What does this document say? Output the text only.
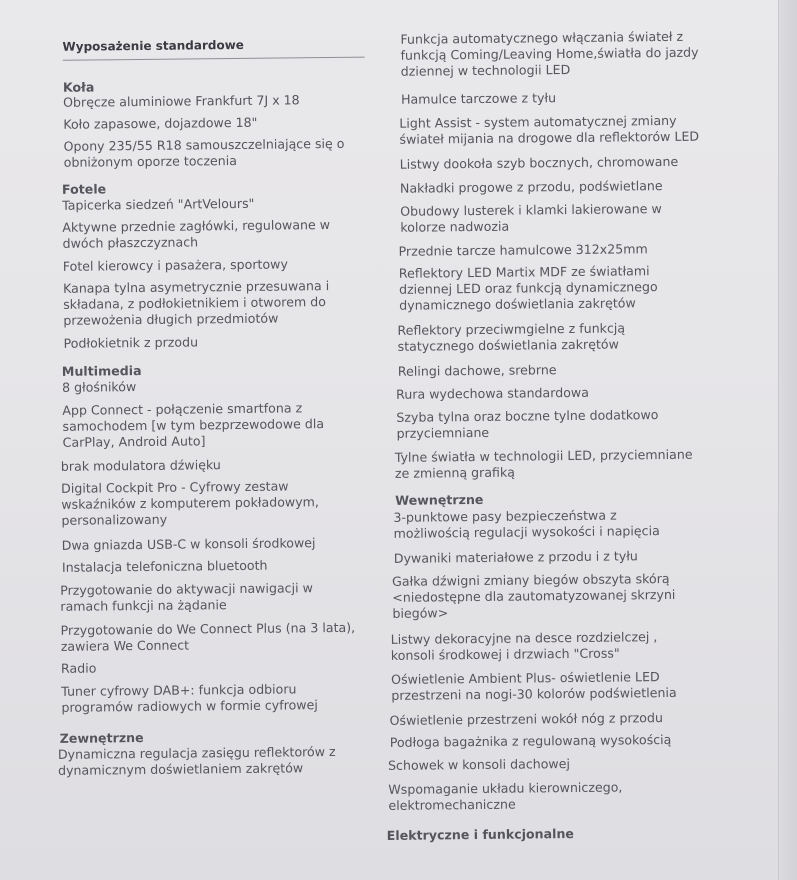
Wyposażenie standardowe
Koła
Obręcze aluminiowe Frankfurt 7J x 18
Koło zapasowe, dojazdowe 18"
Opony 235/55 R18 samouszczelniające się o
obniżonym oporze toczenia
Fotele
Tapicerka siedzeń "ArtVelours"
Aktywne przednie zagłówki, regulowane w
dwóch płaszczyznach
Fotel kierowcy i pasażera, sportowy
Kanapa tylna asymetrycznie przesuwana i
składana, z podłokietnikiem i otworem do
przewożenia długich przedmiotów
Podłokietnik z przodu
Multimedia
8 głośników
App Connect - połączenie smartfona z
samochodem [w tym bezprzewodowe dla
CarPlay, Android Auto]
brak modulatora dźwięku
Digital Cockpit Pro - Cyfrowy zestaw
wskaźników z komputerem pokładowym,
personalizowany
Dwa gniazda USB-C w konsoli środkowej
Instalacja telefoniczna bluetooth
Przygotowanie do aktywacji nawigacji w
ramach funkcji na żądanie
Przygotowanie do We Connect Plus (na 3 lata),
zawiera We Connect
Radio
Tuner cyfrowy DAB+: funkcja odbioru
programów radiowych w formie cyfrowej
Zewnętrzne
Dynamiczna regulacja zasięgu reflektorów z
dynamicznym doświetlaniem zakrętów
Funkcja automatycznego włączania świateł z
funkcją Coming/Leaving Home,światła do jazdy
dziennej w technologii LED
Hamulce tarczowe z tyłu
Light Assist - system automatycznej zmiany
świateł mijania na drogowe dla reflektorów LED
Listwy dookoła szyb bocznych, chromowane
Nakładki progowe z przodu, podświetlane
Obudowy lusterek i klamki lakierowane w
kolorze nadwozia
Przednie tarcze hamulcowe 312x25mm
Reflektory LED Martix MDF ze światłami
dziennej LED oraz funkcją dynamicznego
dynamicznego doświetlania zakrętów
Reflektory przeciwmgielne z funkcją
statycznego doświetlania zakrętów
Relingi dachowe, srebrne
Rura wydechowa standardowa
Szyba tylna oraz boczne tylne dodatkowo
przyciemniane
Tylne światła w technologii LED, przyciemniane
ze zmienną grafiką
Wewnętrzne
3-punktowe pasy bezpieczeństwa z
możliwością regulacji wysokości i napięcia
Dywaniki materiałowe z przodu i z tyłu
Gałka dźwigni zmiany biegów obszyta skórą
<niedostępne dla zautomatyzowanej skrzyni
biegów>
Listwy dekoracyjne na desce rozdzielczej ,
konsoli środkowej i drzwiach "Cross"
Oświetlenie Ambient Plus- oświetlenie LED
przestrzeni na nogi-30 kolorów podświetlenia
Oświetlenie przestrzeni wokół nóg z przodu
Podłoga bagażnika z regulowaną wysokością
Schowek w konsoli dachowej
Wspomaganie układu kierowniczego,
elektromechaniczne
Elektryczne i funkcjonalne
